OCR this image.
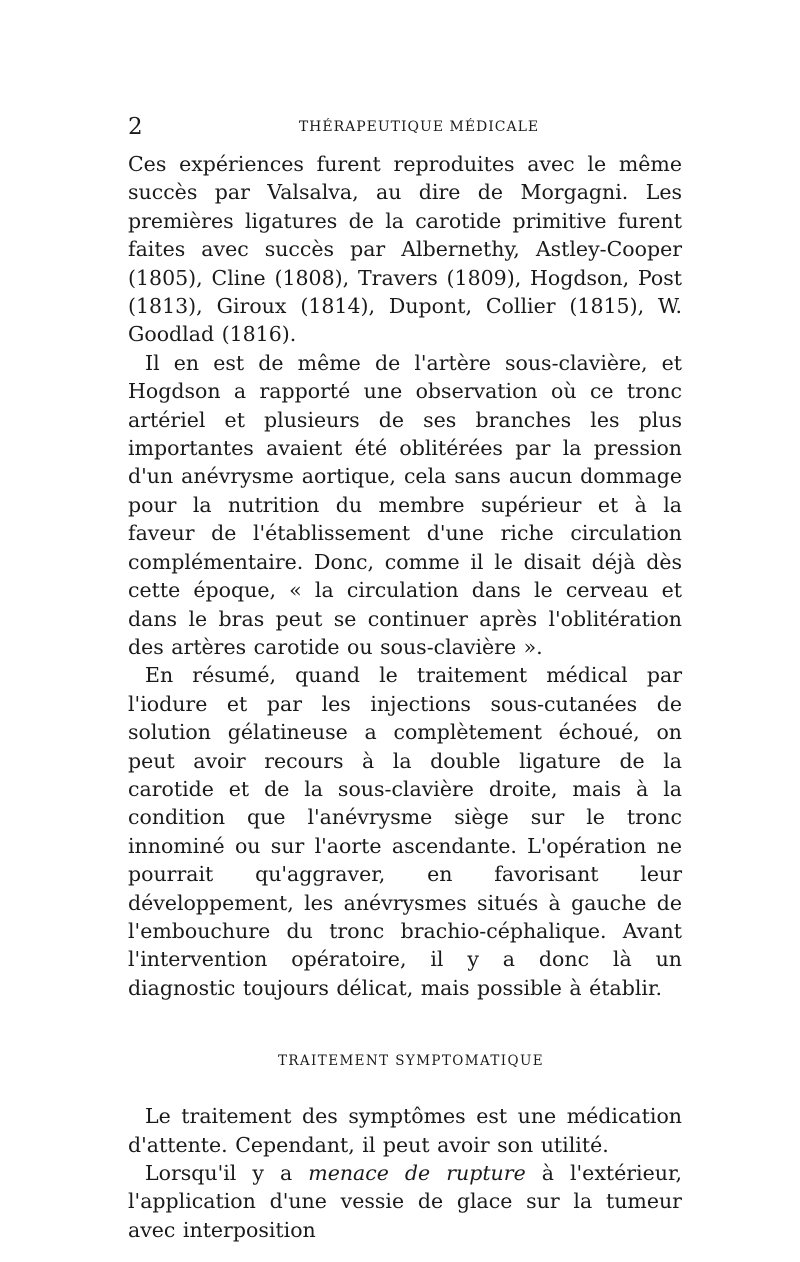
2	THÉRAPEUTIQUE MÉDICALE

Ces expériences furent reproduites avec le même succès par Valsalva, au dire de Morgagni. Les premières ligatures de la carotide primitive furent faites avec succès par Albernethy, Astley-Cooper (1805), Cline (1808), Travers (1809), Hogdson, Post (1813), Giroux (1814), Dupont, Collier (1815), W. Goodlad (1816).

Il en est de même de l'artère sous-clavière, et Hogdson a rapporté une observation où ce tronc artériel et plusieurs de ses branches les plus importantes avaient été oblitérées par la pression d'un anévrysme aortique, cela sans aucun dommage pour la nutrition du membre supérieur et à la faveur de l'établissement d'une riche circulation complémentaire. Donc, comme il le disait déjà dès cette époque, « la circulation dans le cerveau et dans le bras peut se continuer après l'oblitération des artères carotide ou sous-clavière ».

En résumé, quand le traitement médical par l'iodure et par les injections sous-cutanées de solution gélatineuse a complètement échoué, on peut avoir recours à la double ligature de la carotide et de la sous-clavière droite, mais à la condition que l'anévrysme siège sur le tronc innominé ou sur l'aorte ascendante. L'opération ne pourrait qu'aggraver, en favorisant leur développement, les anévrysmes situés à gauche de l'embouchure du tronc brachio-céphalique. Avant l'intervention opératoire, il y a donc là un diagnostic toujours délicat, mais possible à établir.

TRAITEMENT SYMPTOMATIQUE

Le traitement des symptômes est une médication d'attente. Cependant, il peut avoir son utilité.

Lorsqu'il y a menace de rupture à l'extérieur, l'application d'une vessie de glace sur la tumeur avec interposition
